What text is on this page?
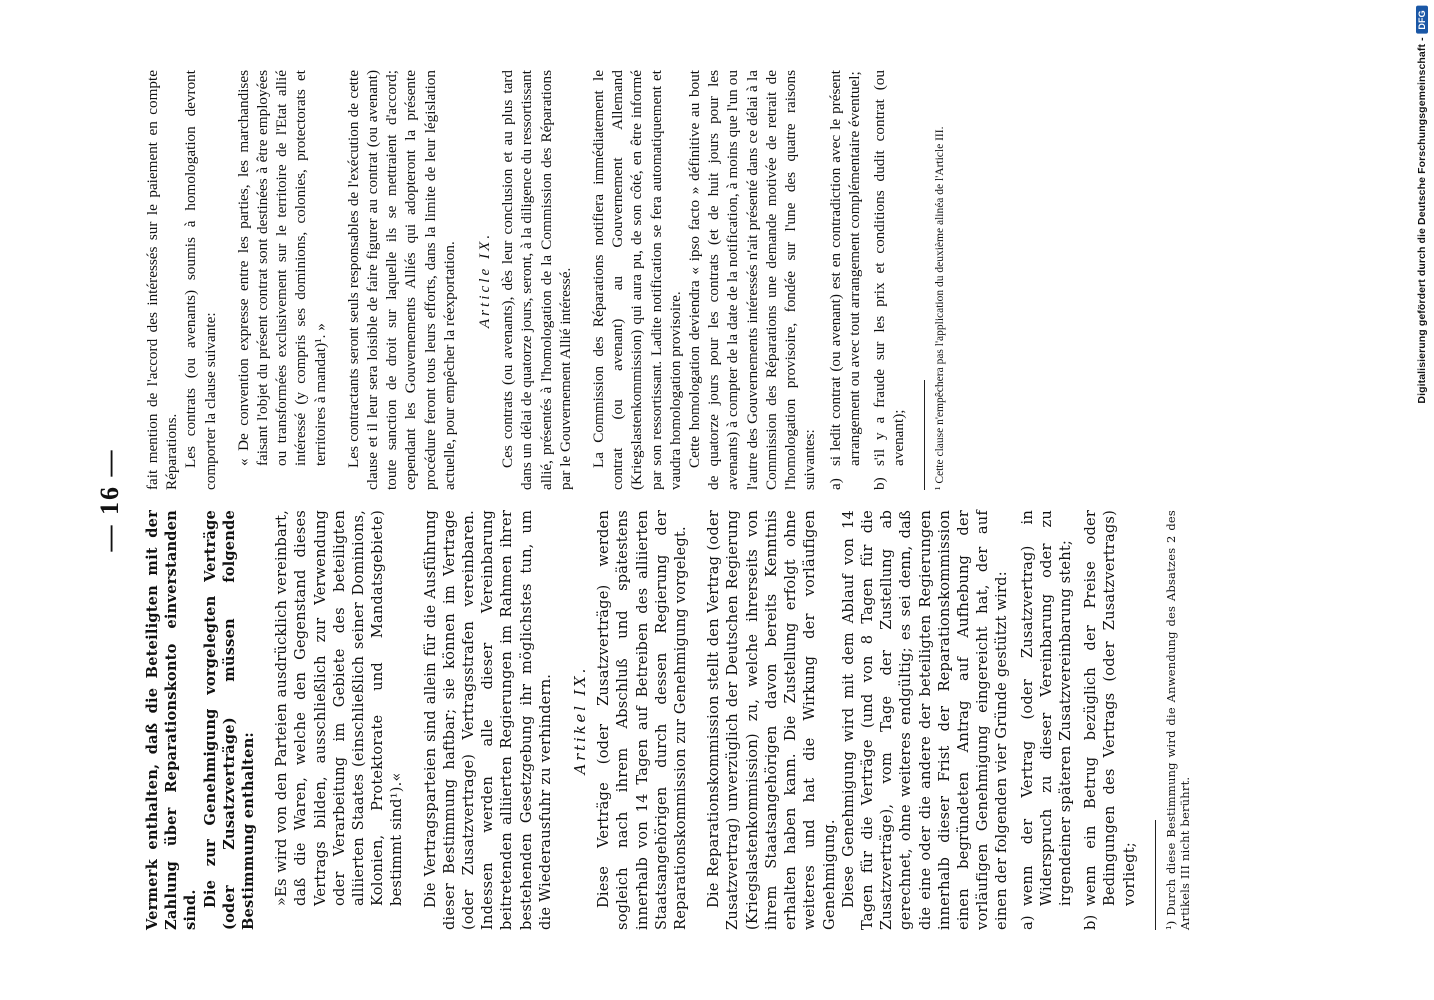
— 16 —

Vermerk enthalten, daß die Beteiligten mit der Zahlung über Reparationskonto einverstanden sind.

Die zur Genehmigung vorgelegten Verträge (oder Zusatzverträge) müssen folgende Bestimmung enthalten: »Es wird von den Parteien ausdrücklich vereinbart, daß die Waren, welche den Gegenstand dieses Vertrags bilden, ausschließlich zur Verwendung oder Verarbeitung im Gebiete des beteiligten alliierten Staates (einschließlich seiner Dominions, Kolonien, Protektorate und Mandatsgebiete) bestimmt sind¹).« Die Vertragsparteien sind allein für die Ausführung dieser Bestimmung haftbar; sie können im Vertrage (oder Zusatzvertrage) Vertragsstrafen vereinbaren. Indessen werden alle dieser Vereinbarung beitretenden alliierten Regierungen im Rahmen ihrer bestehenden Gesetzgebung ihr möglichstes tun, um die Wiederausfuhr zu verhindern. Artikel IX. Diese Verträge (oder Zusatzverträge) werden sogleich nach ihrem Abschluß und spätestens innerhalb von 14 Tagen auf Betreiben des alliierten Staatsangehörigen durch dessen Regierung der Reparationskommission zur Genehmigung vorgelegt. Die Reparationskommission stellt den Vertrag (oder Zusatzvertrag) unverzüglich der Deutschen Regierung (Kriegslastenkommission) zu, welche ihrerseits von ihrem Staatsangehörigen davon bereits Kenntnis erhalten haben kann. Die Zustellung erfolgt ohne weiteres und hat die Wirkung der vorläufigen Genehmigung. Diese Genehmigung wird mit dem Ablauf von 14 Tagen für die Verträge (und von 8 Tagen für die Zusatzverträge), vom Tage der Zustellung ab gerechnet, ohne weiteres endgültig; es sei denn, daß die eine oder die andere der beteiligten Regierungen innerhalb dieser Frist der Reparationskommission einen begründeten Antrag auf Aufhebung der vorläufigen Genehmigung eingereicht hat, der auf einen der folgenden vier Gründe gestützt wird: a)
wenn der Vertrag (oder Zusatzvertrag) in Widerspruch zu dieser Vereinbarung oder zu irgendeiner späteren Zusatzvereinbarung steht;
b)
wenn ein Betrug bezüglich der Preise oder Bedingungen des Vertrags (oder Zusatzvertrags) vorliegt; ¹) Durch diese Bestimmung wird die Anwendung des Absatzes 2 des Artikels III nicht berührt.

fait mention de l'accord des intéressés sur le paiement en compte Réparations. Les contrats (ou avenants) soumis à homologation devront comporter la clause suivante: « De convention expresse entre les parties, les marchandises faisant l'objet du présent contrat sont destinées à être employées ou transformées exclusivement sur le territoire de l'Etat allié intéressé (y compris ses dominions, colonies, protectorats et territoires à mandat)¹. » Les contractants seront seuls responsables de l'exécution de cette clause et il leur sera loisible de faire figurer au contrat (ou avenant) toute sanction de droit sur laquelle ils se mettraient d'accord; cependant les Gouvernements Alliés qui adopteront la présente procédure feront tous leurs efforts, dans la limite de leur législation actuelle, pour empêcher la réexportation. Article IX. Ces contrats (ou avenants), dès leur conclusion et au plus tard dans un délai de quatorze jours, seront, à la diligence du ressortissant allié, présentés à l'homologation de la Commission des Réparations par le Gouvernement Allié intéressé. La Commission des Réparations notifiera immédiatement le contrat (ou avenant) au Gouvernement Allemand (Kriegslastenkommission) qui aura pu, de son côté, en être informé par son ressortissant. Ladite notification se fera automatiquement et vaudra homologation provisoire. Cette homologation deviendra « ipso facto » définitive au bout de quatorze jours pour les contrats (et de huit jours pour les avenants) à compter de la date de la notification, à moins que l'un ou l'autre des Gouvernements intéressés n'ait présenté dans ce délai à la Commission des Réparations une demande motivée de retrait de l'homologation provisoire, fondée sur l'une des quatre raisons suivantes: a)
si ledit contrat (ou avenant) est en contradiction avec le présent arrangement ou avec tout arrangement complémentaire éventuel;
b)
s'il y a fraude sur les prix et conditions dudit contrat (ou avenant); ¹ Cette clause n'empêchera pas l'application du deuxième alinéa de l'Article III.	Digitalisierung gefördert durch die Deutsche Forschungsgemeinschaft -
DFG
